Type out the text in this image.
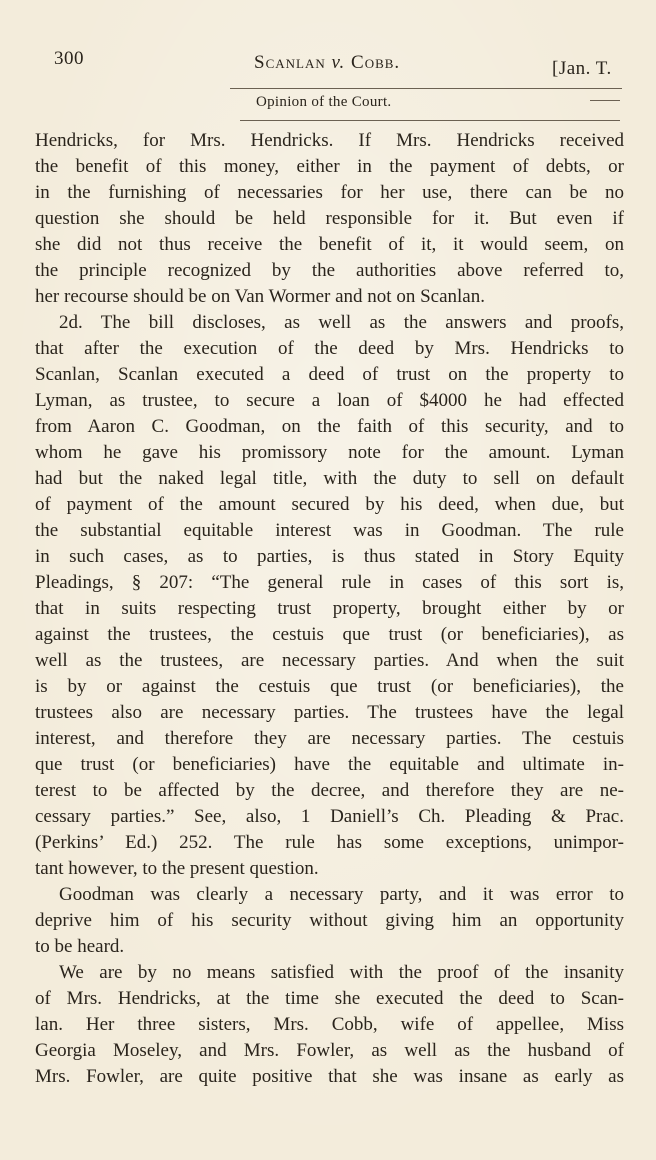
300	Scanlan v. Cobb.	[Jan. T.
Opinion of the Court.
Hendricks, for Mrs. Hendricks. If Mrs. Hendricks received
the benefit of this money, either in the payment of debts, or
in the furnishing of necessaries for her use, there can be no
question she should be held responsible for it. But even if
she did not thus receive the benefit of it, it would seem, on
the principle recognized by the authorities above referred to,
her recourse should be on Van Wormer and not on Scanlan.
2d. The bill discloses, as well as the answers and proofs,
that after the execution of the deed by Mrs. Hendricks to
Scanlan, Scanlan executed a deed of trust on the property to
Lyman, as trustee, to secure a loan of $4000 he had effected
from Aaron C. Goodman, on the faith of this security, and to
whom he gave his promissory note for the amount. Lyman
had but the naked legal title, with the duty to sell on default
of payment of the amount secured by his deed, when due, but
the substantial equitable interest was in Goodman. The rule
in such cases, as to parties, is thus stated in Story Equity
Pleadings, § 207: “The general rule in cases of this sort is,
that in suits respecting trust property, brought either by or
against the trustees, the cestuis que trust (or beneficiaries), as
well as the trustees, are necessary parties. And when the suit
is by or against the cestuis que trust (or beneficiaries), the
trustees also are necessary parties. The trustees have the legal
interest, and therefore they are necessary parties. The cestuis
que trust (or beneficiaries) have the equitable and ultimate in-
terest to be affected by the decree, and therefore they are ne-
cessary parties.” See, also, 1 Daniell’s Ch. Pleading & Prac.
(Perkins’ Ed.) 252. The rule has some exceptions, unimpor-
tant however, to the present question.
Goodman was clearly a necessary party, and it was error to
deprive him of his security without giving him an opportunity
to be heard.
We are by no means satisfied with the proof of the insanity
of Mrs. Hendricks, at the time she executed the deed to Scan-
lan. Her three sisters, Mrs. Cobb, wife of appellee, Miss
Georgia Moseley, and Mrs. Fowler, as well as the husband of
Mrs. Fowler, are quite positive that she was insane as early as
